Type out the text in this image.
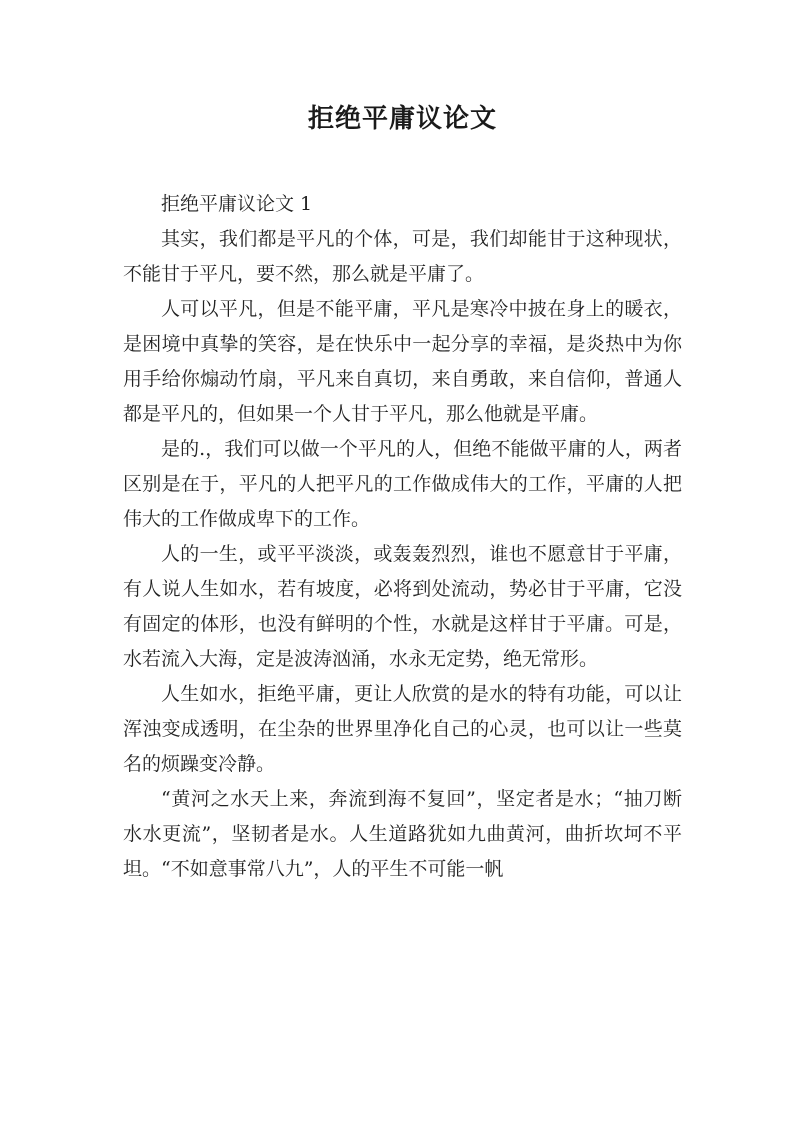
拒绝平庸议论文

拒绝平庸议论文 1

其实，我们都是平凡的个体，可是，我们却能甘于这种现状，不能甘于平凡，要不然，那么就是平庸了。

人可以平凡，但是不能平庸，平凡是寒冷中披在身上的暖衣，是困境中真挚的笑容，是在快乐中一起分享的幸福，是炎热中为你用手给你煽动竹扇，平凡来自真切，来自勇敢，来自信仰，普通人都是平凡的，但如果一个人甘于平凡，那么他就是平庸。

是的.，我们可以做一个平凡的人，但绝不能做平庸的人，两者区别是在于，平凡的人把平凡的工作做成伟大的工作，平庸的人把伟大的工作做成卑下的工作。

人的一生，或平平淡淡，或轰轰烈烈，谁也不愿意甘于平庸，有人说人生如水，若有坡度，必将到处流动，势必甘于平庸，它没有固定的体形，也没有鲜明的个性，水就是这样甘于平庸。可是，水若流入大海，定是波涛汹涌，水永无定势，绝无常形。

人生如水，拒绝平庸，更让人欣赏的是水的特有功能，可以让浑浊变成透明，在尘杂的世界里净化自己的心灵，也可以让一些莫名的烦躁变冷静。

“黄河之水天上来，奔流到海不复回”，坚定者是水；“抽刀断水水更流”，坚韧者是水。人生道路犹如九曲黄河，曲折坎坷不平坦。“不如意事常八九”，人的平生不可能一帆
